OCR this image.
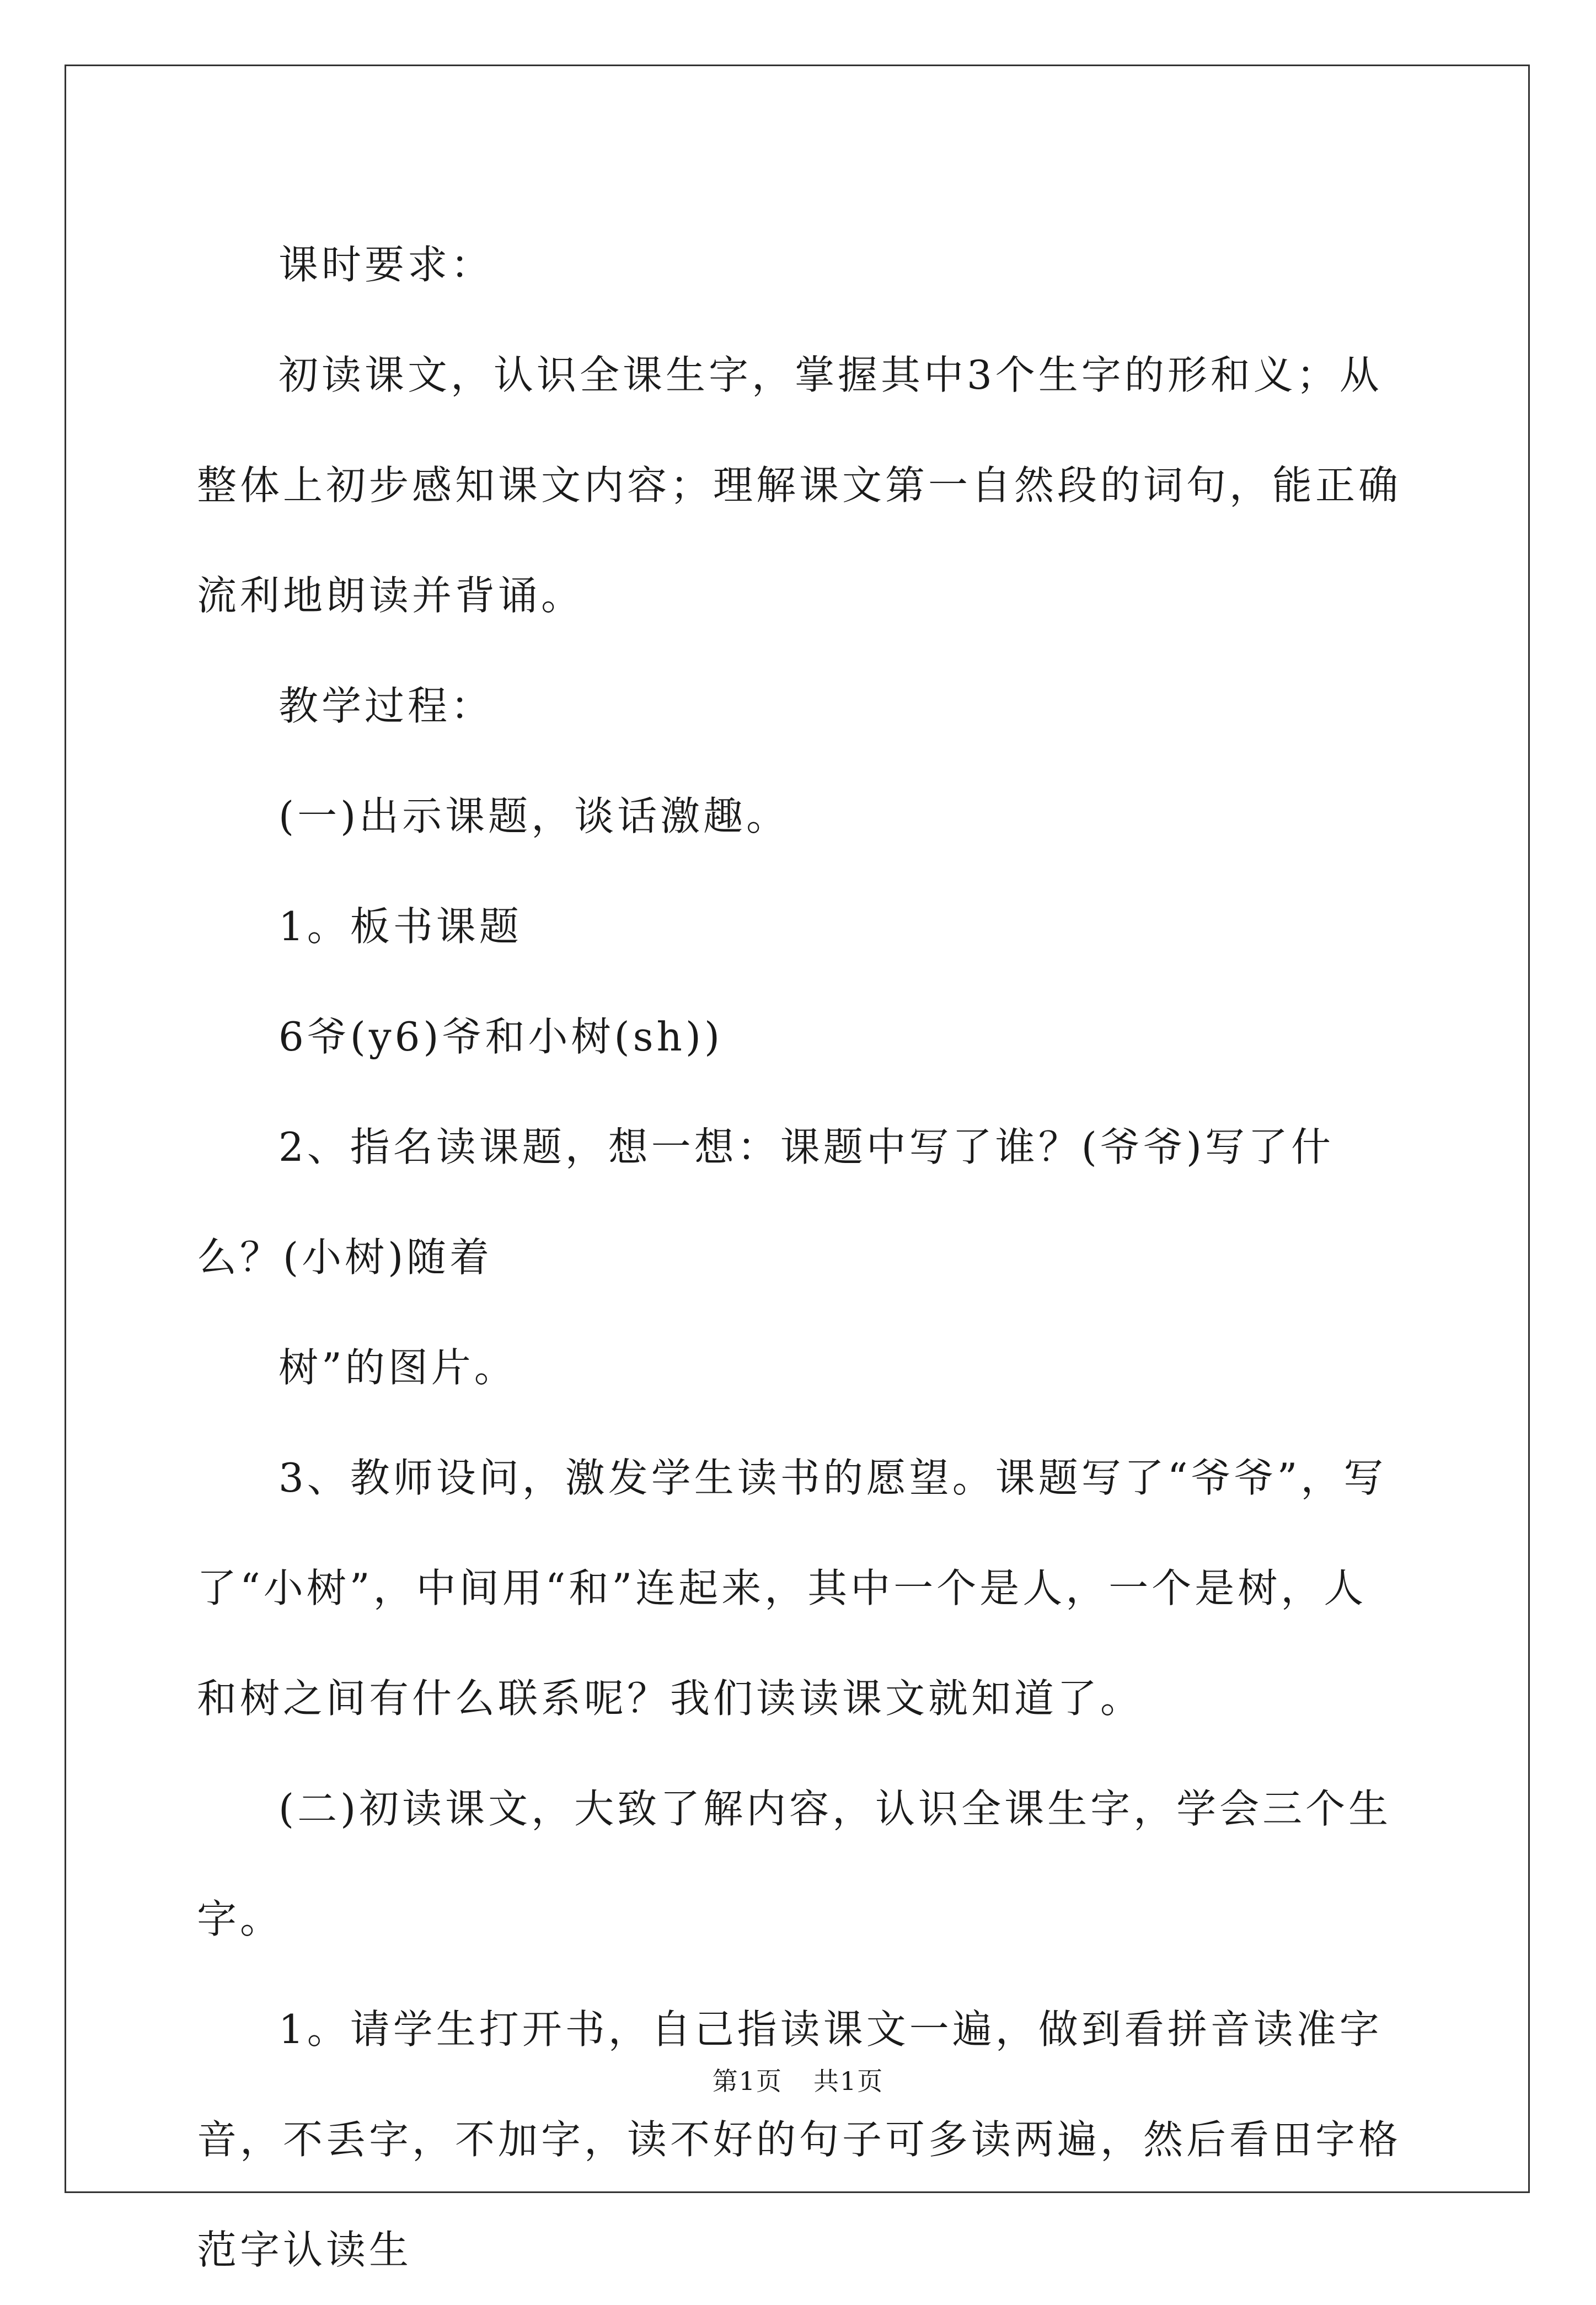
课时要求：

初读课文，认识全课生字，掌握其中3个生字的形和义；从整体上初步感知课文内容；理解课文第一自然段的词句，能正确流利地朗读并背诵。

教学过程：

(一)出示课题，谈话激趣。

1。板书课题

6爷(y6)爷和小树(sh))

2、指名读课题，想一想：课题中写了谁？(爷爷)写了什么？(小树)随着

树”的图片。

3、教师设问，激发学生读书的愿望。课题写了“爷爷”，写了“小树”，中间用“和”连起来，其中一个是人，一个是树，人和树之间有什么联系呢？我们读读课文就知道了。

(二)初读课文，大致了解内容，认识全课生字，学会三个生字。

1。请学生打开书，自己指读课文一遍，做到看拼音读准字音，不丢字，不加字，读不好的句子可多读两遍，然后看田字格范字认读生

第1页 共1页
